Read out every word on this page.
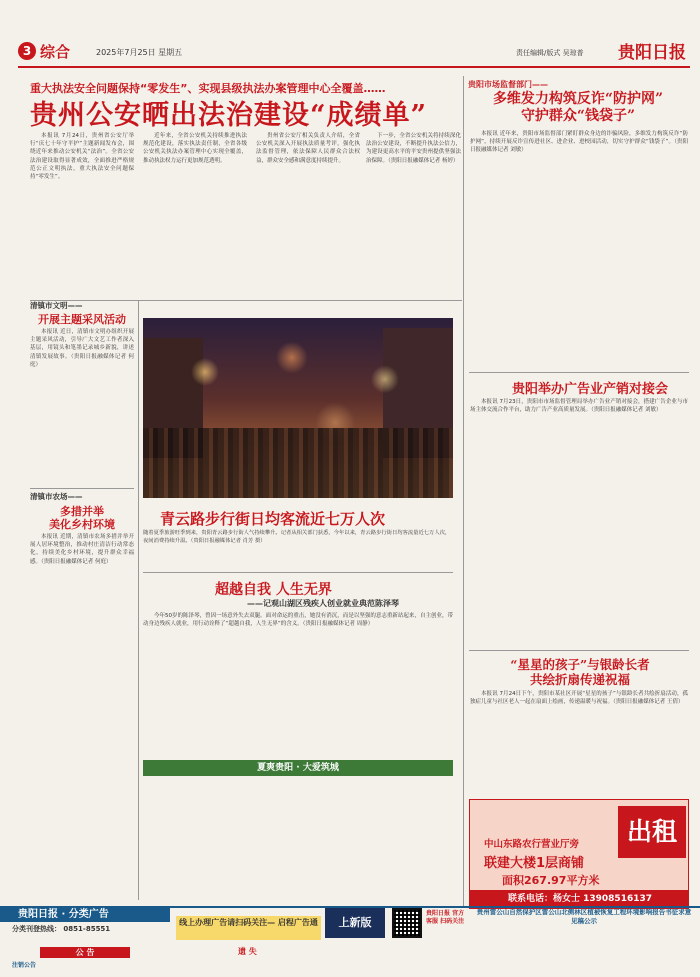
3 综合	2025年7月25日 星期五	责任编辑/版式 吴琼普 贵阳日报
重大执法安全问题保持“零发生”、实现县级执法办案管理中心全覆盖……
贵州公安晒出法治建设“成绩单”

本报讯 7月24日，贵州省公安厅举行“庆七十年守平护”主题新闻发布会，围绕近年来推动公安机关“法治”。全省公安法治建设取得显著成效，全面推进严格规范公正文明执法，重大执法安全问题保持“零发生”。

近年来，全省公安机关持续推进执法规范化建设，落实执法责任制，全省各级公安机关执法办案管理中心实现全覆盖，推动执法权力运行更加规范透明。

贵州省公安厅相关负责人介绍，全省公安机关深入开展执法质量考评，强化执法监督管理，依法保障人民群众合法权益，群众安全感和满意度持续提升。

下一步，全省公安机关将持续深化法治公安建设，不断提升执法公信力，为建设更高水平的平安贵州提供坚强法治保障。（贵阳日报融媒体记者 杨婷）

贵阳市场监督部门——
多维发力构筑反诈“防护网”
守护群众“钱袋子”

本报讯 近年来，贵阳市场监督部门紧盯群众身边的诈骗风险，多维发力构筑反诈“防护网”，持续开展反诈宣传进社区、进企业、进校园活动，切实守护群众“钱袋子”。（贵阳日报融媒体记者 刘敏）

清镇市文明——
开展主题采风活动

本报讯 近日，清镇市文明办组织开展主题采风活动，引导广大文艺工作者深入基层，用镜头和笔墨记录城乡新貌，讲述清镇发展故事。（贵阳日报融媒体记者 何庭）

清镇市农场——
多措并举
美化乡村环境

本报讯 近期，清镇市农场多措并举开展人居环境整治，推动村庄清洁行动常态化，持续美化乡村环境，提升群众幸福感。（贵阳日报融媒体记者 何庭）

青云路步行街日均客流近七万人次
随着夏季旅游旺季到来，贵阳青云路步行街人气持续攀升。记者从相关部门获悉，今年以来，青云路步行街日均客流量近七万人次，夜间消费持续升温。（贵阳日报融媒体记者 肖芳 摄）
超越自我 人生无界
——记观山湖区残疾人创业就业典范陈泽琴

今年50岁的陈泽琴，曾因一场意外失去双腿。面对命运的重击，她没有消沉，而是以坚强的意志重新站起来，自主创业，带动身边残疾人就业，用行动诠释了“超越自我，人生无界”的含义。（贵阳日报融媒体记者 周静）

夏爽贵阳 · 大爱筑城
贵阳举办广告业产销对接会

本报讯 7月23日，贵阳市市场监督管理局举办广告业产销对接会，搭建广告企业与市场主体交流合作平台，助力广告产业高质量发展。（贵阳日报融媒体记者 刘敏）

“星星的孩子”与银龄长者
共绘折扇传递祝福

本报讯 7月24日下午，贵阳市某社区开展“星星的孩子”与银龄长者共绘折扇活动，孤独症儿童与社区老人一起在扇面上绘画，传递温暖与祝福。（贵阳日报融媒体记者 王倩）

出租
中山东路农行营业厅旁
联建大楼1层商铺
面积267.97平方米
联系电话：杨女士 13908516137
贵阳日报 · 分类广告
分类刊登热线： 0851-85551
公 告
注销公告
线上办理广告请扫码关注— 启程广告通	上新版
贵阳日报 官方客服 扫码关注
遗 失
贵州雷公山自然保护区雷公山北侧林区植被恢复工程环境影响报告书征求意见稿公示
